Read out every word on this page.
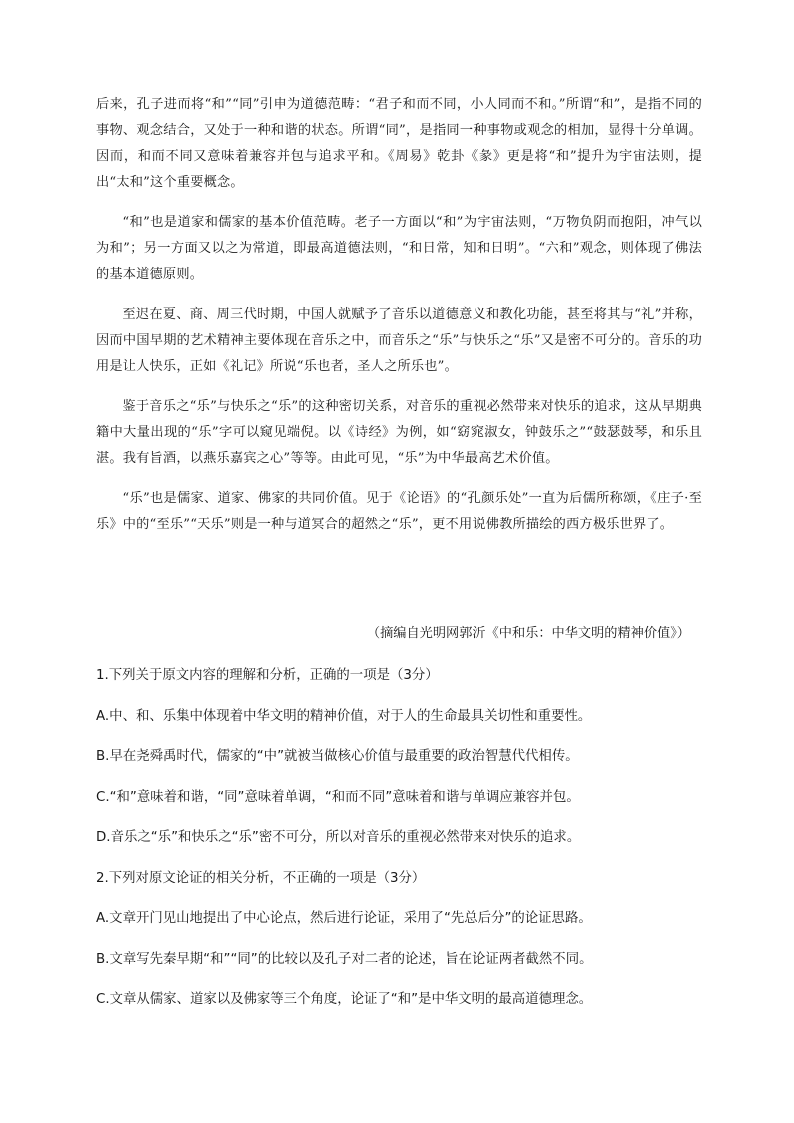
后来，孔子进而将“和”“同”引申为道德范畴：“君子和而不同，小人同而不和。”所谓“和”，是指不同的事物、观念结合，又处于一种和谐的状态。所谓“同”，是指同一种事物或观念的相加，显得十分单调。因而，和而不同又意味着兼容并包与追求平和。《周易》乾卦《彖》更是将“和”提升为宇宙法则，提出“太和”这个重要概念。

“和”也是道家和儒家的基本价值范畴。老子一方面以“和”为宇宙法则，“万物负阴而抱阳，冲气以为和”；另一方面又以之为常道，即最高道德法则，“和日常，知和日明”。“六和”观念，则体现了佛法的基本道德原则。

至迟在夏、商、周三代时期，中国人就赋予了音乐以道德意义和教化功能，甚至将其与“礼”并称，因而中国早期的艺术精神主要体现在音乐之中，而音乐之“乐”与快乐之“乐”又是密不可分的。音乐的功用是让人快乐，正如《礼记》所说“乐也者，圣人之所乐也”。

鉴于音乐之“乐”与快乐之“乐”的这种密切关系，对音乐的重视必然带来对快乐的追求，这从早期典籍中大量出现的“乐”字可以窥见端倪。以《诗经》为例，如“窈窕淑女，钟鼓乐之”“鼓瑟鼓琴，和乐且湛。我有旨酒，以燕乐嘉宾之心”等等。由此可见，“乐”为中华最高艺术价值。

“乐”也是儒家、道家、佛家的共同价值。见于《论语》的“孔颜乐处”一直为后儒所称颂，《庄子·至乐》中的“至乐”“天乐”则是一种与道冥合的超然之“乐”，更不用说佛教所描绘的西方极乐世界了。

（摘编自光明网郭沂《中和乐：中华文明的精神价值》）
1.下列关于原文内容的理解和分析，正确的一项是（3分）
A.中、和、乐集中体现着中华文明的精神价值，对于人的生命最具关切性和重要性。
B.早在尧舜禹时代，儒家的“中”就被当做核心价值与最重要的政治智慧代代相传。
C.“和”意味着和谐，“同”意味着单调，“和而不同”意味着和谐与单调应兼容并包。
D.音乐之“乐”和快乐之“乐”密不可分，所以对音乐的重视必然带来对快乐的追求。
2.下列对原文论证的相关分析，不正确的一项是（3分）
A.文章开门见山地提出了中心论点，然后进行论证，采用了“先总后分”的论证思路。
B.文章写先秦早期“和”“同”的比较以及孔子对二者的论述，旨在论证两者截然不同。
C.文章从儒家、道家以及佛家等三个角度，论证了“和”是中华文明的最高道德理念。
